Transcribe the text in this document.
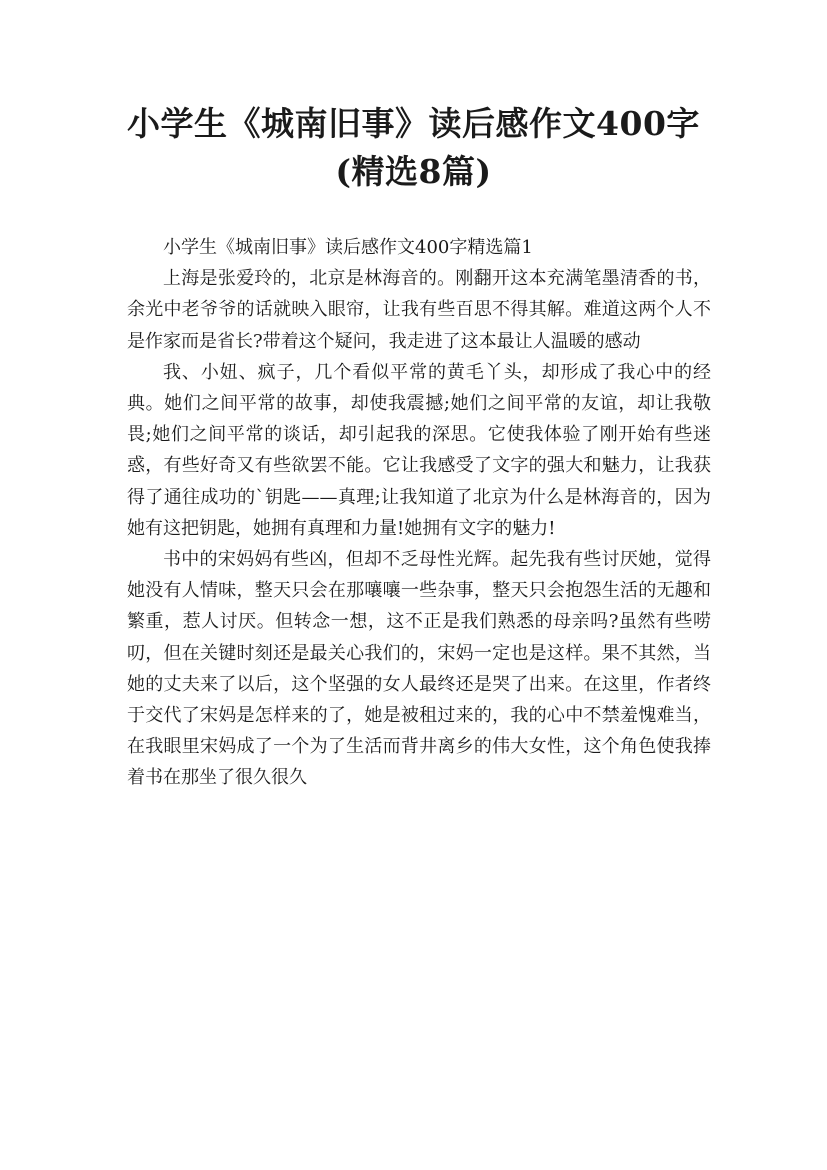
小学生《城南旧事》读后感作文400字(精选8篇)

小学生《城南旧事》读后感作文400字精选篇1

上海是张爱玲的，北京是林海音的。刚翻开这本充满笔墨清香的书，余光中老爷爷的话就映入眼帘，让我有些百思不得其解。难道这两个人不是作家而是省长?带着这个疑问，我走进了这本最让人温暖的感动

我、小妞、疯子，几个看似平常的黄毛丫头，却形成了我心中的经典。她们之间平常的故事，却使我震撼;她们之间平常的友谊，却让我敬畏;她们之间平常的谈话，却引起我的深思。它使我体验了刚开始有些迷惑，有些好奇又有些欲罢不能。它让我感受了文字的强大和魅力，让我获得了通往成功的`钥匙——真理;让我知道了北京为什么是林海音的，因为她有这把钥匙，她拥有真理和力量!她拥有文字的魅力!

书中的宋妈妈有些凶，但却不乏母性光辉。起先我有些讨厌她，觉得她没有人情味，整天只会在那嚷嚷一些杂事，整天只会抱怨生活的无趣和繁重，惹人讨厌。但转念一想，这不正是我们熟悉的母亲吗?虽然有些唠叨，但在关键时刻还是最关心我们的，宋妈一定也是这样。果不其然，当她的丈夫来了以后，这个坚强的女人最终还是哭了出来。在这里，作者终于交代了宋妈是怎样来的了，她是被租过来的，我的心中不禁羞愧难当，在我眼里宋妈成了一个为了生活而背井离乡的伟大女性，这个角色使我捧着书在那坐了很久很久
